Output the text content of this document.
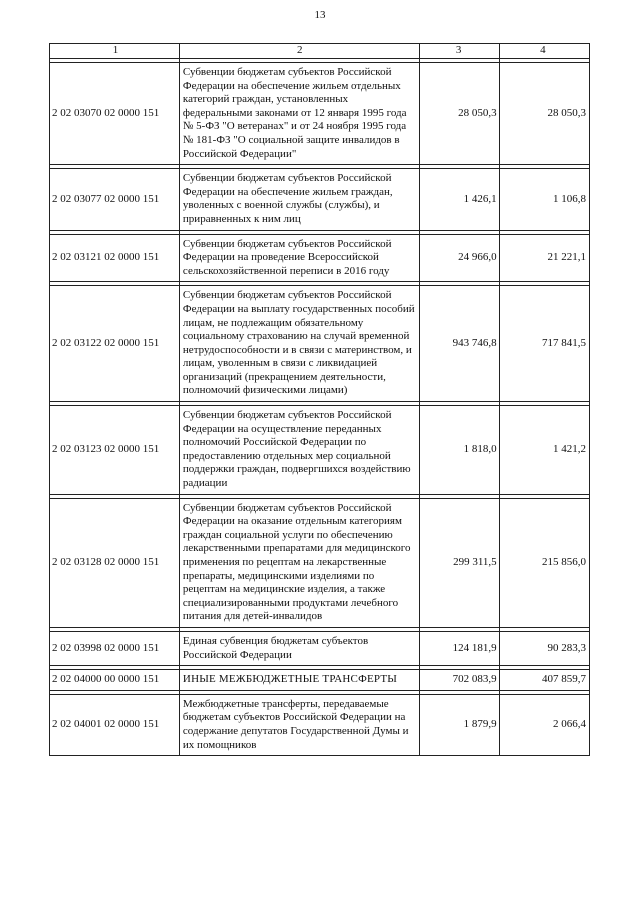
13
1	2	3	4

2 02 03070 02 0000 151	Субвенции бюджетам субъектов Российской Федерации на обеспечение жильем отдельных категорий граждан, установленных федеральными законами от 12 января 1995 года № 5-ФЗ "О ветеранах" и от 24 ноября 1995 года № 181-ФЗ "О социальной защите инвалидов в Российской Федерации"	28 050,3	28 050,3

2 02 03077 02 0000 151	Субвенции бюджетам субъектов Российской Федерации на обеспечение жильем граждан, уволенных с военной службы (службы), и приравненных к ним лиц	1 426,1	1 106,8

2 02 03121 02 0000 151	Субвенции бюджетам субъектов Российской Федерации на проведение Всероссийской сельскохозяйственной переписи в 2016 году	24 966,0	21 221,1

2 02 03122 02 0000 151	Субвенции бюджетам субъектов Российской Федерации на выплату государственных пособий лицам, не подлежащим обязательному социальному страхованию на случай временной нетрудоспособности и в связи с материнством, и лицам, уволенным в связи с ликвидацией организаций (прекращением деятельности, полномочий физическими лицами)	943 746,8	717 841,5

2 02 03123 02 0000 151	Субвенции бюджетам субъектов Российской Федерации на осуществление переданных полномочий Российской Федерации по предоставлению отдельных мер социальной поддержки граждан, подвергшихся воздействию радиации	1 818,0	1 421,2

2 02 03128 02 0000 151	Субвенции бюджетам субъектов Российской Федерации на оказание отдельным категориям граждан социальной услуги по обеспечению лекарственными препаратами для медицинского применения по рецептам на лекарственные препараты, медицинскими изделиями по рецептам на медицинские изделия, а также специализированными продуктами лечебного питания для детей-инвалидов	299 311,5	215 856,0

2 02 03998 02 0000 151	Единая субвенция бюджетам субъектов Российской Федерации	124 181,9	90 283,3

2 02 04000 00 0000 151	ИНЫЕ МЕЖБЮДЖЕТНЫЕ ТРАНСФЕРТЫ	702 083,9	407 859,7

2 02 04001 02 0000 151	Межбюджетные трансферты, передаваемые бюджетам субъектов Российской Федерации на содержание депутатов Государственной Думы и их помощников	1 879,9	2 066,4
